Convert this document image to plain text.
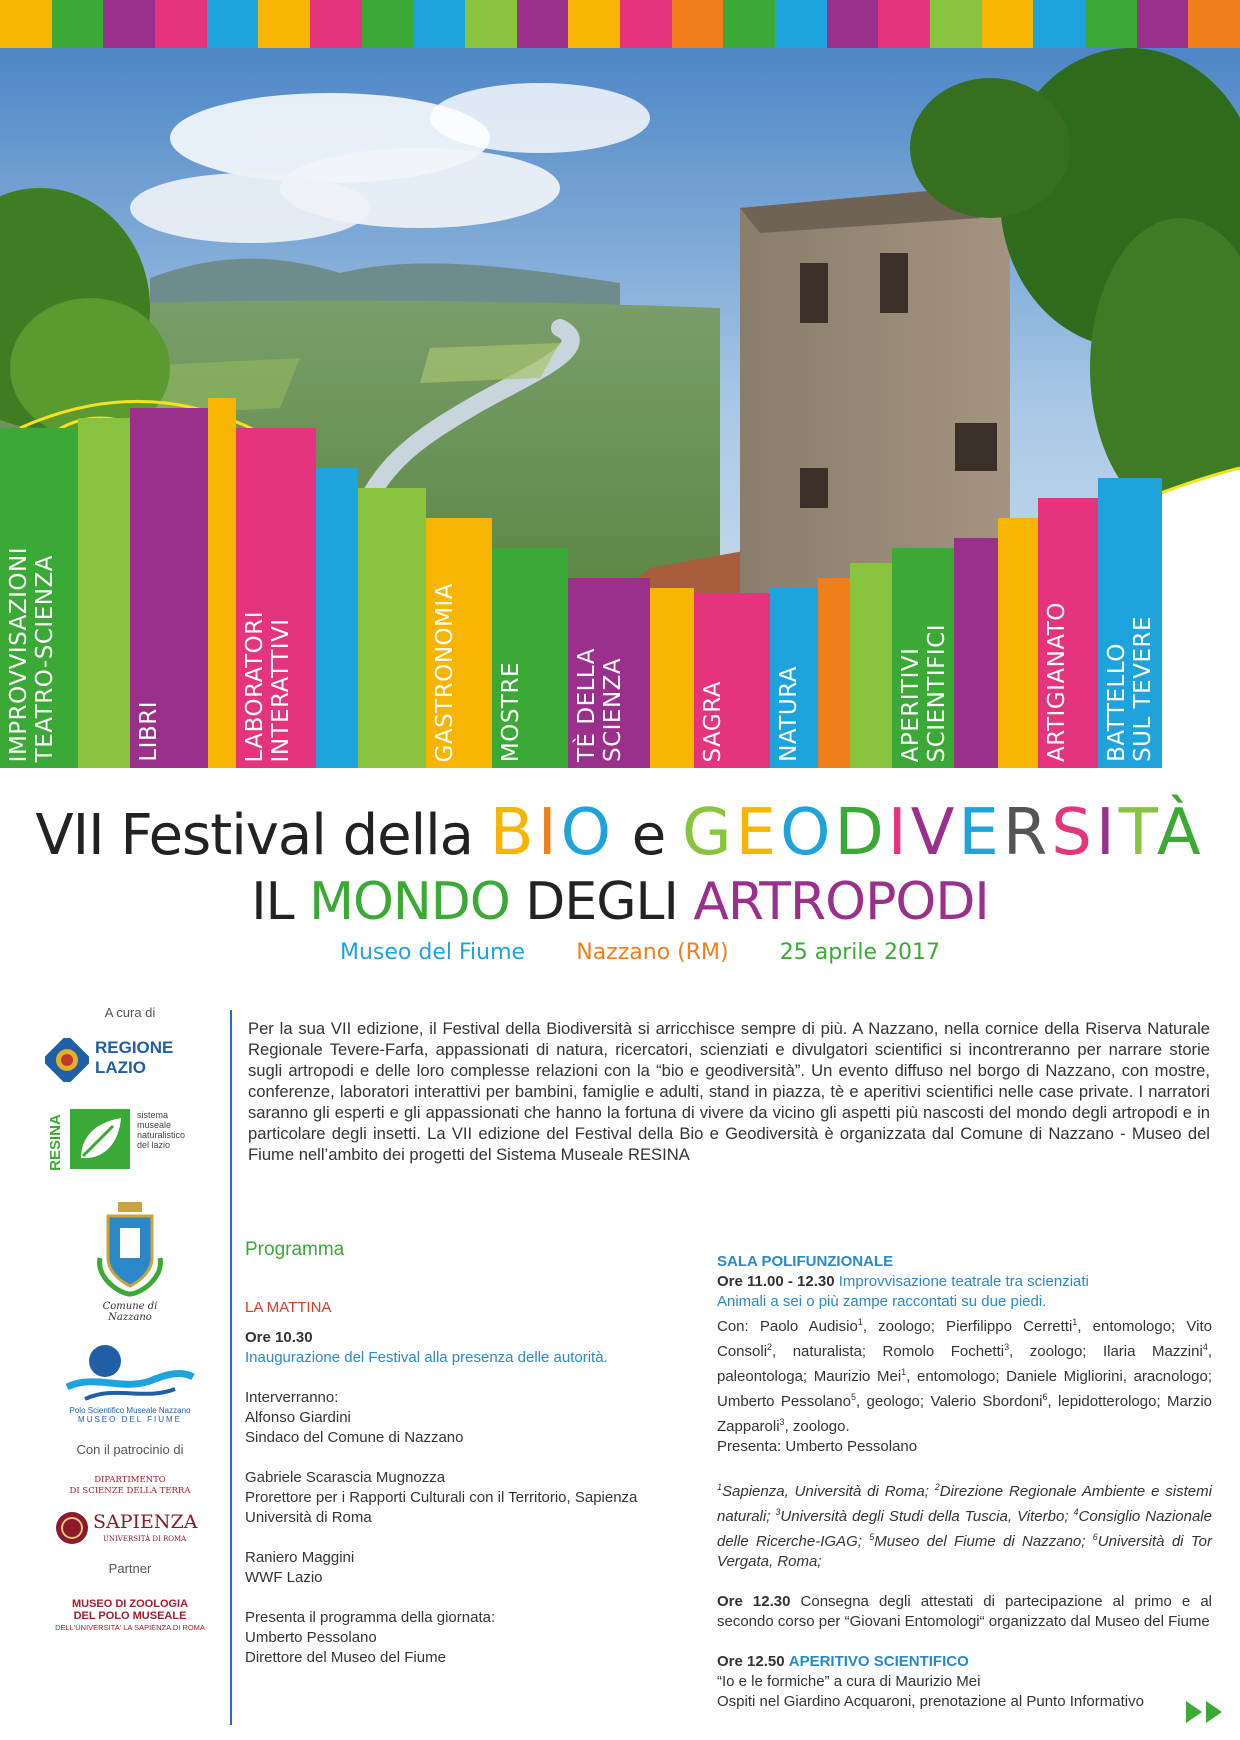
IMPROVVISAZIONI
TEATRO-SCIENZA	LIBRI	LABORATORI
INTERATTIVI	GASTRONOMIA MOSTRE TÈ DELLA
SCIENZA	SAGRA NATURA	APERITIVI
SCIENTIFICI	ARTIGIANATO BATTELLO
SUL TEVERE
VII Festival della BIO e GEODIVERSITÀ
IL MONDO DEGLI ARTROPODI
Museo del Fiume Nazzano (RM) 25 aprile 2017
A cura di
REGIONE
LAZIO
RESINA	sistema
museale
naturalistico
del lazio
Comune di Nazzano
Polo Scientifico Museale Nazzano
MUSEO DEL FIUME
Con il patrocinio di
DIPARTIMENTO
DI SCIENZE DELLA TERRA
SAPIENZA
UNIVERSITÀ DI ROMA
Partner
MUSEO DI ZOOLOGIA
DEL POLO MUSEALE
DELL'UNIVERSITA' LA SAPIENZA DI ROMA
Per la sua VII edizione, il Festival della Biodiversità si arricchisce sempre di più. A Nazzano, nella cornice della Riserva Naturale Regionale Tevere-Farfa, appassionati di natura, ricercatori, scienziati e divulgatori scientifici si incontreranno per narrare storie sugli artropodi e delle loro complesse relazioni con la “bio e geodiversità”. Un evento diffuso nel borgo di Nazzano, con mostre, conferenze, laboratori interattivi per bambini, famiglie e adulti, stand in piazza, tè e aperitivi scientifici nelle case private. I narratori saranno gli esperti e gli appassionati che hanno la fortuna di vivere da vicino gli aspetti più nascosti del mondo degli artropodi e in particolare degli insetti. La VII edizione del Festival della Bio e Geodiversità è organizzata dal Comune di Nazzano - Museo del Fiume nell’ambito dei progetti del Sistema Museale RESINA

Programma

LA MATTINA

Ore 10.30

Inaugurazione del Festival alla presenza delle autorità.

Interverranno:

Alfonso Giardini

Sindaco del Comune di Nazzano

Gabriele Scarascia Mugnozza

Prorettore per i Rapporti Culturali con il Territorio, Sapienza Università di Roma

Raniero Maggini

WWF Lazio

Presenta il programma della giornata:

Umberto Pessolano

Direttore del Museo del Fiume

SALA POLIFUNZIONALE

Ore 11.00 - 12.30 Improvvisazione teatrale tra scienziati

Animali a sei o più zampe raccontati su due piedi.

Con: Paolo Audisio$^1$, zoologo; Pierfilippo Cerretti$^1$, entomologo; Vito Consoli$^2$, naturalista; Romolo Fochetti$^3$, zoologo; Ilaria Mazzini$^4$, paleontologa; Maurizio Mei$^1$, entomologo; Daniele Migliorini, aracnologo; Umberto Pessolano$^5$, geologo; Valerio Sbordoni$^6$, lepidotterologo; Marzio Zapparoli$^3$, zoologo.

Presenta: Umberto Pessolano

$^1$Sapienza, Università di Roma; $^2$Direzione Regionale Ambiente e sistemi naturali; $^3$Università degli Studi della Tuscia, Viterbo; $^4$Consiglio Nazionale delle Ricerche-IGAG; $^5$Museo del Fiume di Nazzano; $^6$Università di Tor Vergata, Roma;

Ore 12.30 Consegna degli attestati di partecipazione al primo e al secondo corso per “Giovani Entomologi“ organizzato dal Museo del Fiume

Ore 12.50 APERITIVO SCIENTIFICO

“Io e le formiche” a cura di Maurizio Mei

Ospiti nel Giardino Acquaroni, prenotazione al Punto Informativo
